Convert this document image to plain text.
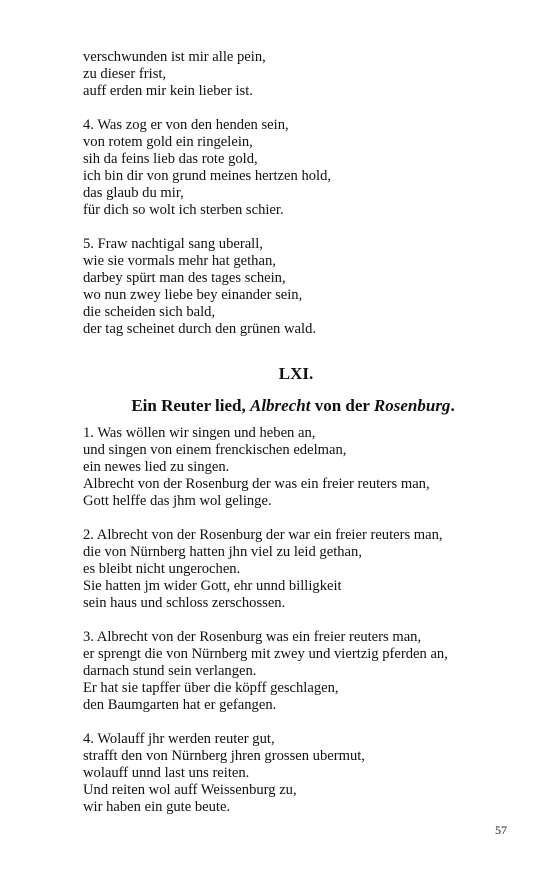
verschwunden ist mir alle pein,
zu dieser frist,
auff erden mir kein lieber ist.
4. Was zog er von den henden sein,
von rotem gold ein ringelein,
sih da feins lieb das rote gold,
ich bin dir von grund meines hertzen hold,
das glaub du mir,
für dich so wolt ich sterben schier.
5. Fraw nachtigal sang uberall,
wie sie vormals mehr hat gethan,
darbey spürt man des tages schein,
wo nun zwey liebe bey einander sein,
die scheiden sich bald,
der tag scheinet durch den grünen wald.
LXI.
Ein Reuter lied, Albrecht von der Rosenburg.
1. Was wöllen wir singen und heben an,
und singen von einem frenckischen edelman,
ein newes lied zu singen.
Albrecht von der Rosenburg der was ein freier reuters man,
Gott helffe das jhm wol gelinge.
2. Albrecht von der Rosenburg der war ein freier reuters man,
die von Nürnberg hatten jhn viel zu leid gethan,
es bleibt nicht ungerochen.
Sie hatten jm wider Gott, ehr unnd billigkeit
sein haus und schloss zerschossen.
3. Albrecht von der Rosenburg was ein freier reuters man,
er sprengt die von Nürnberg mit zwey und viertzig pferden an,
darnach stund sein verlangen.
Er hat sie tapffer über die köpff geschlagen,
den Baumgarten hat er gefangen.
4. Wolauff jhr werden reuter gut,
strafft den von Nürnberg jhren grossen ubermut,
wolauff unnd last uns reiten.
Und reiten wol auff Weissenburg zu,
wir haben ein gute beute.
57
